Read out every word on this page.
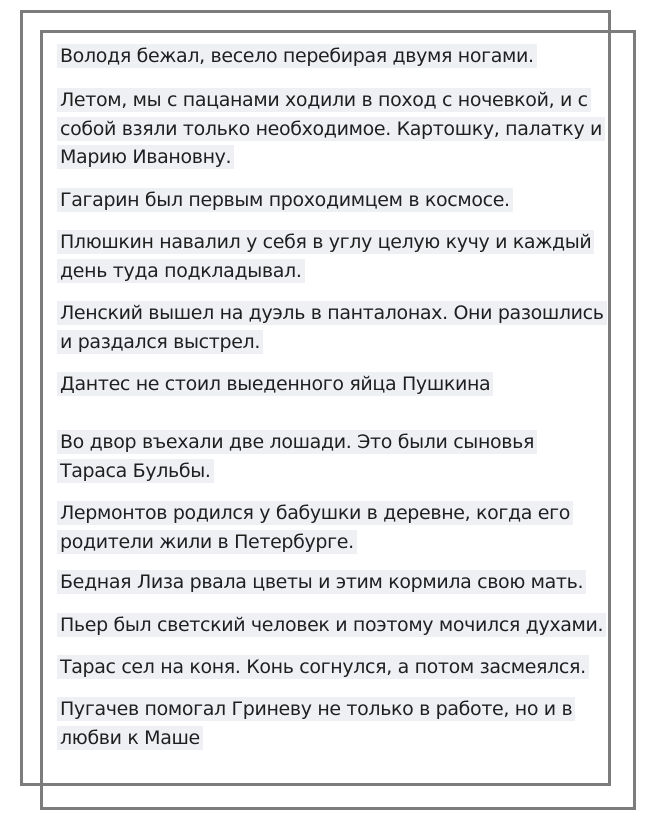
Володя бежал, весело перебирая двумя ногами.
Летом, мы с пацанами ходили в поход с ночевкой, и с
собой взяли только необходимое. Картошку, палатку и
Марию Ивановну.
Гагарин был первым проходимцем в космосе.
Плюшкин навалил у себя в углу целую кучу и каждый
день туда подкладывал.
Ленский вышел на дуэль в панталонах. Они разошлись
и раздался выстрел.
Дантес не стоил выеденного яйца Пушкина
Во двор въехали две лошади. Это были сыновья
Тараса Бульбы.
Лермонтов родился у бабушки в деревне, когда его
родители жили в Петербурге.
Бедная Лиза рвала цветы и этим кормила свою мать.
Пьер был светский человек и поэтому мочился духами.
Тарас сел на коня. Конь согнулся, а потом засмеялся.
Пугачев помогал Гриневу не только в работе, но и в
любви к Маше
